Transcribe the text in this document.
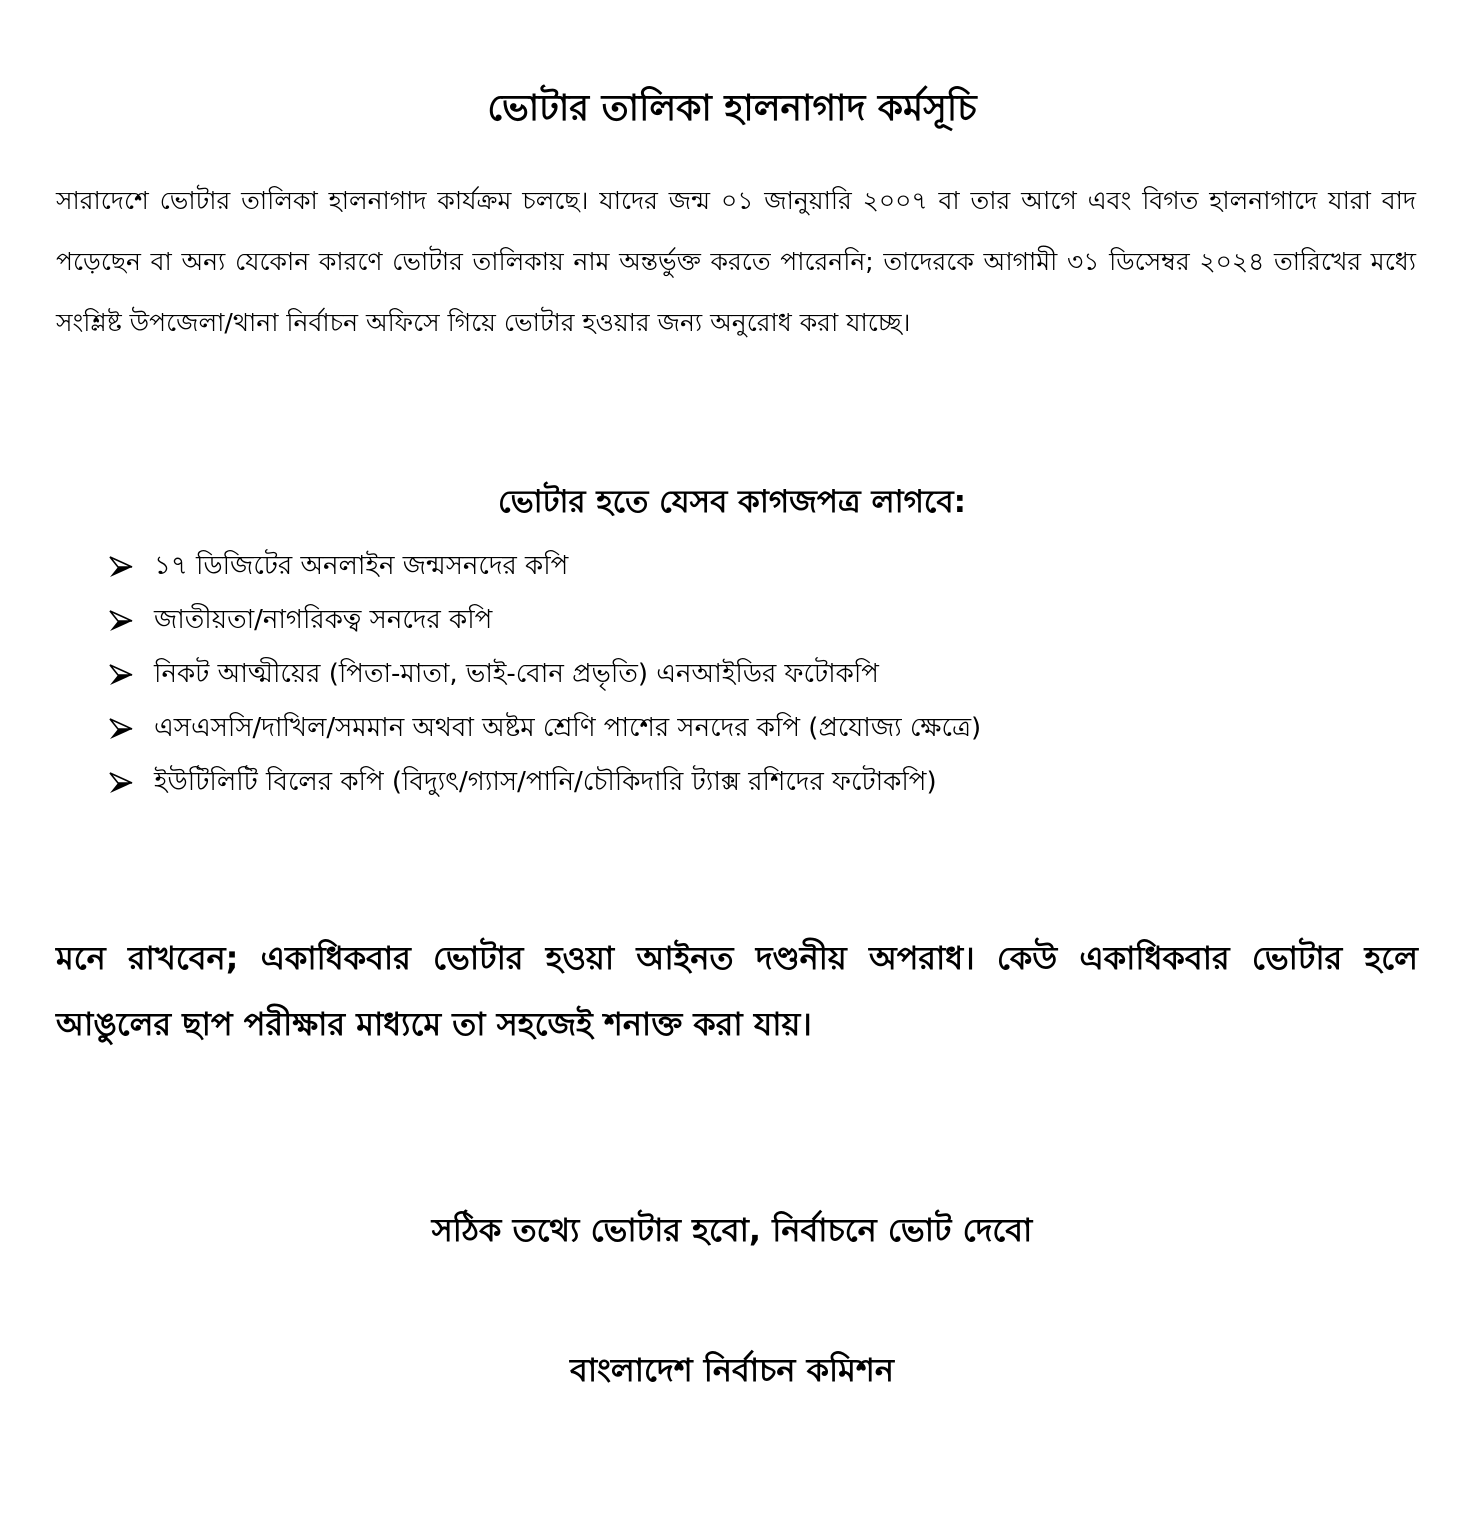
ভোটার তালিকা হালনাগাদ কর্মসূচি
সারাদেশে ভোটার তালিকা হালনাগাদ কার্যক্রম চলছে। যাদের জন্ম ০১ জানুয়ারি ২০০৭ বা তার আগে এবং বিগত হালনাগাদে যারা বাদ পড়েছেন বা অন্য যেকোন কারণে ভোটার তালিকায় নাম অন্তর্ভুক্ত করতে পারেননি; তাদেরকে আগামী ৩১ ডিসেম্বর ২০২৪ তারিখের মধ্যে সংশ্লিষ্ট উপজেলা/থানা নির্বাচন অফিসে গিয়ে ভোটার হওয়ার জন্য অনুরোধ করা যাচ্ছে।
ভোটার হতে যেসব কাগজপত্র লাগবে:
১৭ ডিজিটের অনলাইন জন্মসনদের কপি
জাতীয়তা/নাগরিকত্ব সনদের কপি
নিকট আত্মীয়ের (পিতা-মাতা, ভাই-বোন প্রভৃতি) এনআইডির ফটোকপি
এসএসসি/দাখিল/সমমান অথবা অষ্টম শ্রেণি পাশের সনদের কপি (প্রযোজ্য ক্ষেত্রে)
ইউটিলিটি বিলের কপি (বিদ্যুৎ/গ্যাস/পানি/চৌকিদারি ট্যাক্স রশিদের ফটোকপি)
মনে রাখবেন; একাধিকবার ভোটার হওয়া আইনত দণ্ডনীয় অপরাধ। কেউ একাধিকবার ভোটার হলে আঙুলের ছাপ পরীক্ষার মাধ্যমে তা সহজেই শনাক্ত করা যায়।
সঠিক তথ্যে ভোটার হবো, নির্বাচনে ভোট দেবো
বাংলাদেশ নির্বাচন কমিশন
